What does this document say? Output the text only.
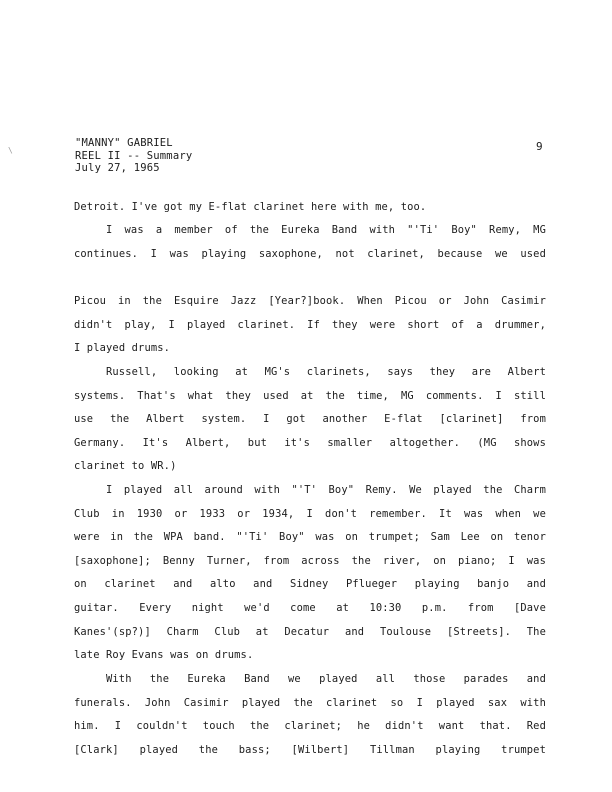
\
"MANNY" GABRIEL
REEL II -- Summary
July 27, 1965
9
Detroit. I've got my E-flat clarinet here with me, too.
I was a member of the Eureka Band with "'Ti' Boy" Remy, MG
continues. I was playing saxophone, not clarinet, because we used
Picou in the Esquire Jazz [Year?]book. When Picou or John Casimir
didn't play, I played clarinet. If they were short of a drummer,
I played drums.
Russell, looking at MG's clarinets, says they are Albert
systems. That's what they used at the time, MG comments. I still
use the Albert system. I got another E-flat [clarinet] from
Germany. It's Albert, but it's smaller altogether. (MG shows
clarinet to WR.)
I played all around with "'T' Boy" Remy. We played the Charm
Club in 1930 or 1933 or 1934, I don't remember. It was when we
were in the WPA band. "'Ti' Boy" was on trumpet; Sam Lee on tenor
[saxophone]; Benny Turner, from across the river, on piano; I was
on clarinet and alto and Sidney Pflueger playing banjo and
guitar. Every night we'd come at 10:30 p.m. from [Dave
Kanes'(sp?)] Charm Club at Decatur and Toulouse [Streets]. The
late Roy Evans was on drums.
With the Eureka Band we played all those parades and
funerals. John Casimir played the clarinet so I played sax with
him. I couldn't touch the clarinet; he didn't want that. Red
[Clark] played the bass; [Wilbert] Tillman playing trumpet
